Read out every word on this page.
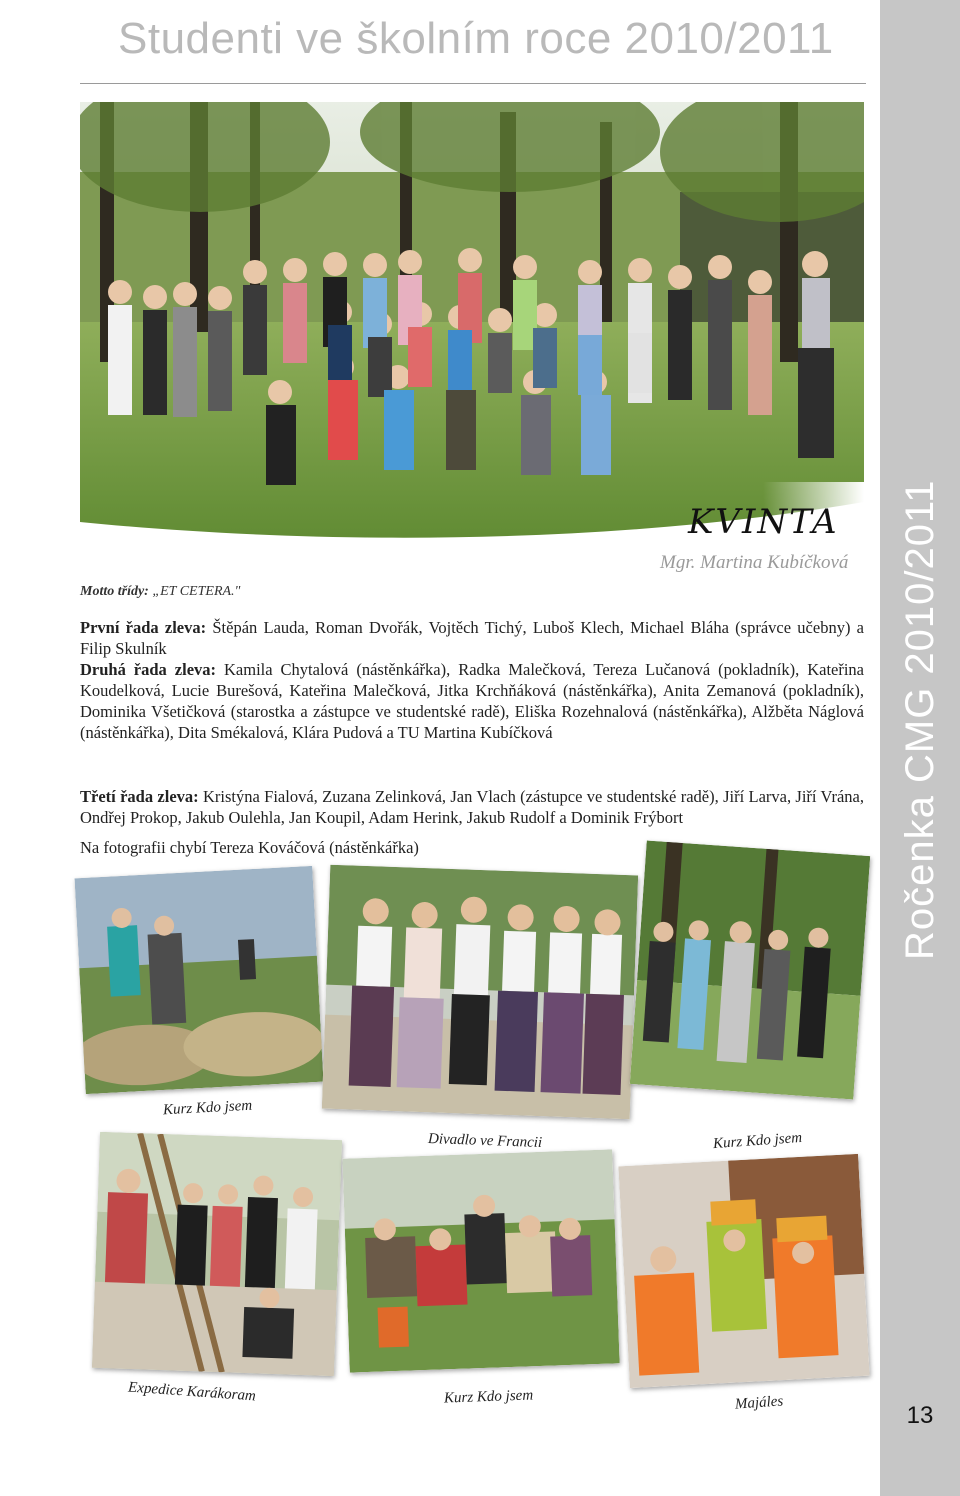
Studenti ve školním roce 2010/2011
Ročenka CMG 2010/2011
13
KVINTA
Mgr. Martina Kubíčková
Motto třídy: „ET CETERA."
První řada zleva: Štěpán Lauda, Roman Dvořák, Vojtěch Tichý, Luboš Klech, Michael Bláha (správce učebny) a Filip Skulník
Druhá řada zleva: Kamila Chytalová (nástěnkářka), Radka Malečková, Tereza Lučanová (pokladník), Kateřina Koudelková, Lucie Burešová, Kateřina Malečková, Jitka Krchňáková (nástěnkářka), Anita Zemanová (pokladník), Dominika Všetičková (starostka a zástupce ve studentské radě), Eliška Rozehnalová (nástěnkářka), Alžběta Náglová (nástěnkářka), Dita Smékalová, Klára Pudová a TU Martina Kubíčková
Třetí řada zleva: Kristýna Fialová, Zuzana Zelinková, Jan Vlach (zástupce ve studentské radě), Jiří Larva, Jiří Vrána, Ondřej Prokop, Jakub Oulehla, Jan Koupil, Adam Herink, Jakub Rudolf a Dominik Frýbort
Na fotografii chybí Tereza Kováčová (nástěnkářka)
Kurz Kdo jsem
Divadlo ve Francii	Kurz Kdo jsem
Expedice Karákoram	Kurz Kdo jsem	Majáles
